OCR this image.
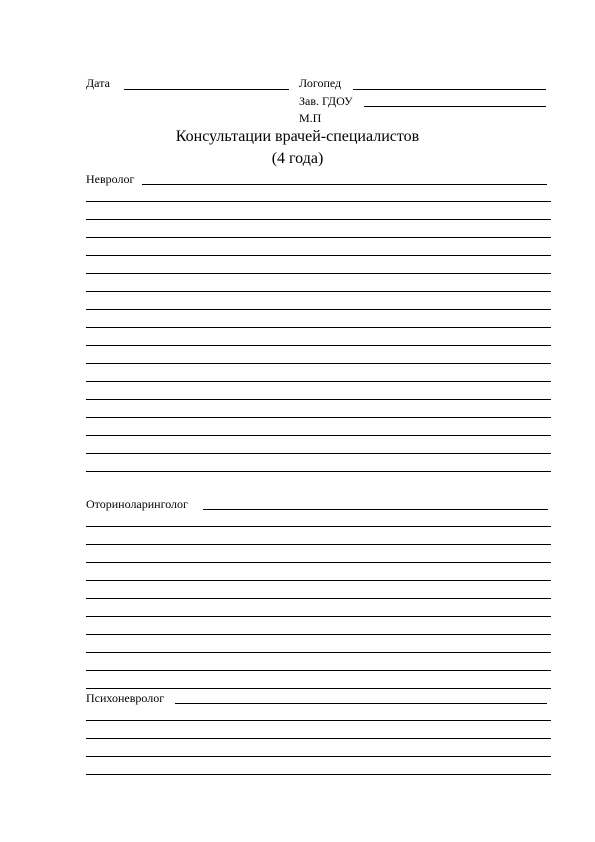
Дата	Логопед
Зав. ГДОУ
М.П
Консультации врачей-специалистов
(4 года)
Невролог
Оториноларинголог
Психоневролог
